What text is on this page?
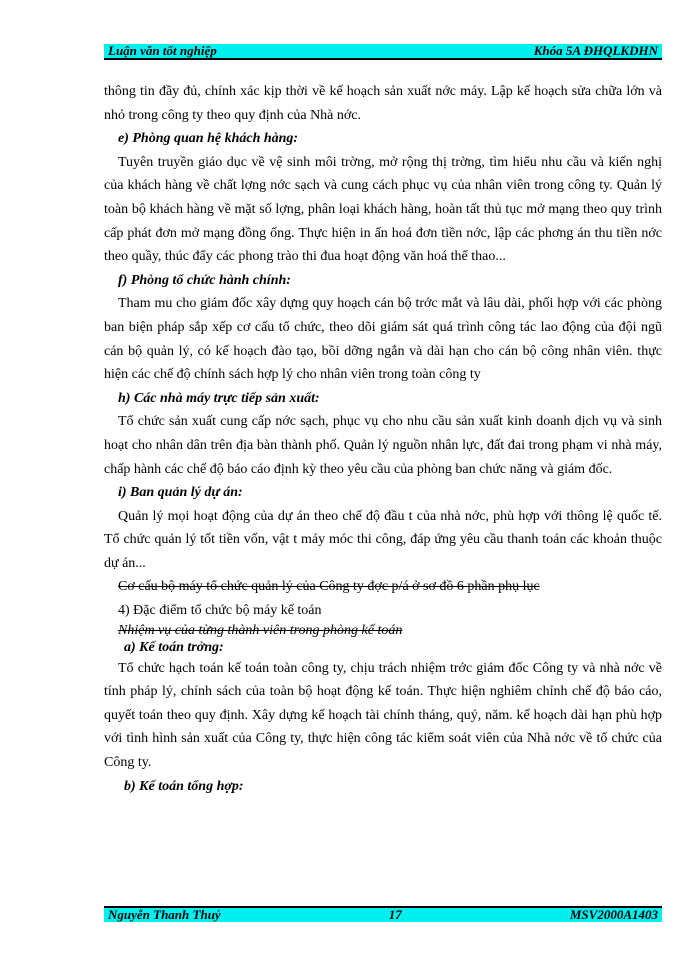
Luận văn tốt nghiệp	Khóa 5A ĐHQLKDHN

thông tin đầy đủ, chính xác kịp thời về kế hoạch sản xuất nớc máy. Lập kế hoạch sửa chữa lớn và nhỏ trong công ty theo quy định của Nhà nớc.

e) Phòng quan hệ khách hàng:

Tuyên truyền giáo dục về vệ sinh môi trờng, mở rộng thị trờng, tìm hiểu nhu cầu và kiến nghị của khách hàng về chất lợng nớc sạch và cung cách phục vụ của nhân viên trong công ty. Quản lý toàn bộ khách hàng về mặt số lợng, phân loại khách hàng, hoàn tất thủ tục mở mạng theo quy trình cấp phát đơn mở mạng đồng ống. Thực hiện in ấn hoá đơn tiền nớc, lập các phơng án thu tiền nớc theo quầy, thúc đẩy các phong trào thi đua hoạt động văn hoá thể thao...

f) Phòng tổ chức hành chính:

Tham mu cho giám đốc xây dựng quy hoạch cán bộ trớc mắt và lâu dài, phối hợp với các phòng ban biện pháp sắp xếp cơ cấu tổ chức, theo dõi giám sát quá trình công tác lao động của đội ngũ cán bộ quản lý, có kế hoạch đào tạo, bồi dỡng ngắn và dài hạn cho cán bộ công nhân viên. thực hiện các chế độ chính sách hợp lý cho nhân viên trong toàn công ty

h) Các nhà máy trực tiếp sản xuất:

Tổ chức sản xuất cung cấp nớc sạch, phục vụ cho nhu cầu sản xuất kinh doanh dịch vụ và sinh hoạt cho nhân dân trên địa bàn thành phố. Quản lý nguồn nhân lực, đất đai trong phạm vi nhà máy, chấp hành các chế độ báo cáo định kỳ theo yêu cầu của phòng ban chức năng và giám đốc.

i) Ban quản lý dự án:

Quản lý mọi hoạt động của dự án theo chế độ đầu t của nhà nớc, phù hợp với thông lệ quốc tế. Tổ chức quản lý tốt tiền vốn, vật t máy móc thi công, đáp ứng yêu cầu thanh toán các khoản thuộc dự án...

Cơ cấu bộ máy tổ chức quản lý của Công ty đợc p/á ở sơ đồ 6 phần phụ lục

4) Đặc điểm tổ chức bộ máy kế toán

Nhiệm vụ của từng thành viên trong phòng kế toán

a) Kế toán trởng:

Tổ chức hạch toán kế toán toàn công ty, chịu trách nhiệm trớc giám đốc Công ty và nhà nớc về tính pháp lý, chính sách của toàn bộ hoạt động kế toán. Thực hiện nghiêm chỉnh chế độ báo cáo, quyết toán theo quy định. Xây dựng kế hoạch tài chính tháng, quý, năm. kế hoạch dài hạn phù hợp với tình hình sản xuất của Công ty, thực hiện công tác kiểm soát viên của Nhà nớc về tổ chức của Công ty.

b) Kế toán tổng hợp:

Nguyễn Thanh Thuỷ	17	MSV2000A1403
